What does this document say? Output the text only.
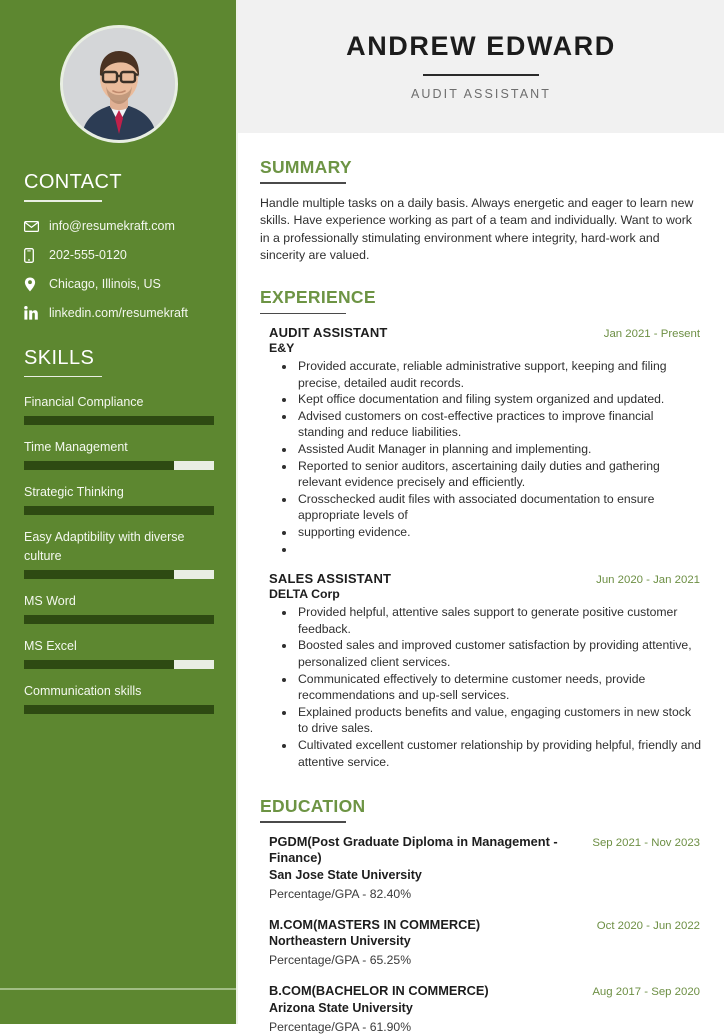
CONTACT
info@resumekraft.com
202-555-0120
Chicago, Illinois, US
linkedin.com/resumekraft
SKILLS
Financial Compliance
Time Management
Strategic Thinking
Easy Adaptibility with diverse culture
MS Word
MS Excel
Communication skills
ANDREW EDWARD
AUDIT ASSISTANT
SUMMARY

Handle multiple tasks on a daily basis. Always energetic and eager to learn new skills. Have experience working as part of a team and individually. Want to work in a professionally stimulating environment where integrity, hard-work and sincerity are valued.

EXPERIENCE
AUDIT ASSISTANT	Jan 2021 - Present
E&Y
• Provided accurate, reliable administrative support, keeping and filing precise, detailed audit records.
• Kept office documentation and filing system organized and updated.
• Advised customers on cost-effective practices to improve financial standing and reduce liabilities.
• Assisted Audit Manager in planning and implementing.
• Reported to senior auditors, ascertaining daily duties and gathering relevant evidence precisely and efficiently.
• Crosschecked audit files with associated documentation to ensure appropriate levels of
• supporting evidence.
•
SALES ASSISTANT	Jun 2020 - Jan 2021
DELTA Corp
• Provided helpful, attentive sales support to generate positive customer feedback.
• Boosted sales and improved customer satisfaction by providing attentive, personalized client services.
• Communicated effectively to determine customer needs, provide recommendations and up-sell services.
• Explained products benefits and value, engaging customers in new stock to drive sales.
• Cultivated excellent customer relationship by providing helpful, friendly and attentive service.
EDUCATION
PGDM(Post Graduate Diploma in Management - Finance)
Sep 2021 - Nov 2023
San Jose State University
Percentage/GPA - 82.40%
M.COM(MASTERS IN COMMERCE)	Oct 2020 - Jun 2022
Northeastern University
Percentage/GPA - 65.25%
B.COM(BACHELOR IN COMMERCE)	Aug 2017 - Sep 2020
Arizona State University
Percentage/GPA - 61.90%
